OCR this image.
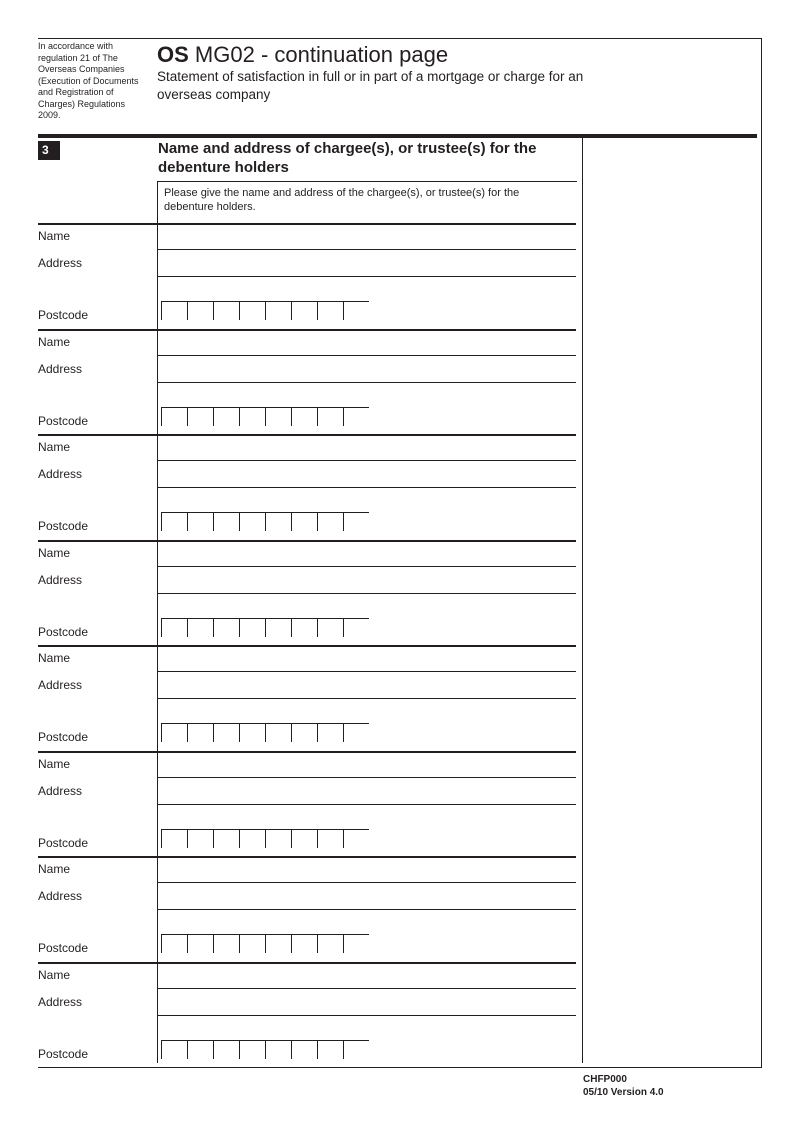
In accordance with regulation 21 of The Overseas Companies (Execution of Documents and Registration of Charges) Regulations 2009.
OS MG02 - continuation page
Statement of satisfaction in full or in part of a mortgage or charge for an overseas company
3	Name and address of chargee(s), or trustee(s) for the debenture holders
Please give the name and address of the chargee(s), or trustee(s) for the debenture holders.
Name
Address
Postcode
Name
Address
Postcode
Name
Address
Postcode
Name
Address
Postcode
Name
Address
Postcode
Name
Address
Postcode
Name
Address
Postcode
Name
Address
Postcode
CHFP000
05/10 Version 4.0
